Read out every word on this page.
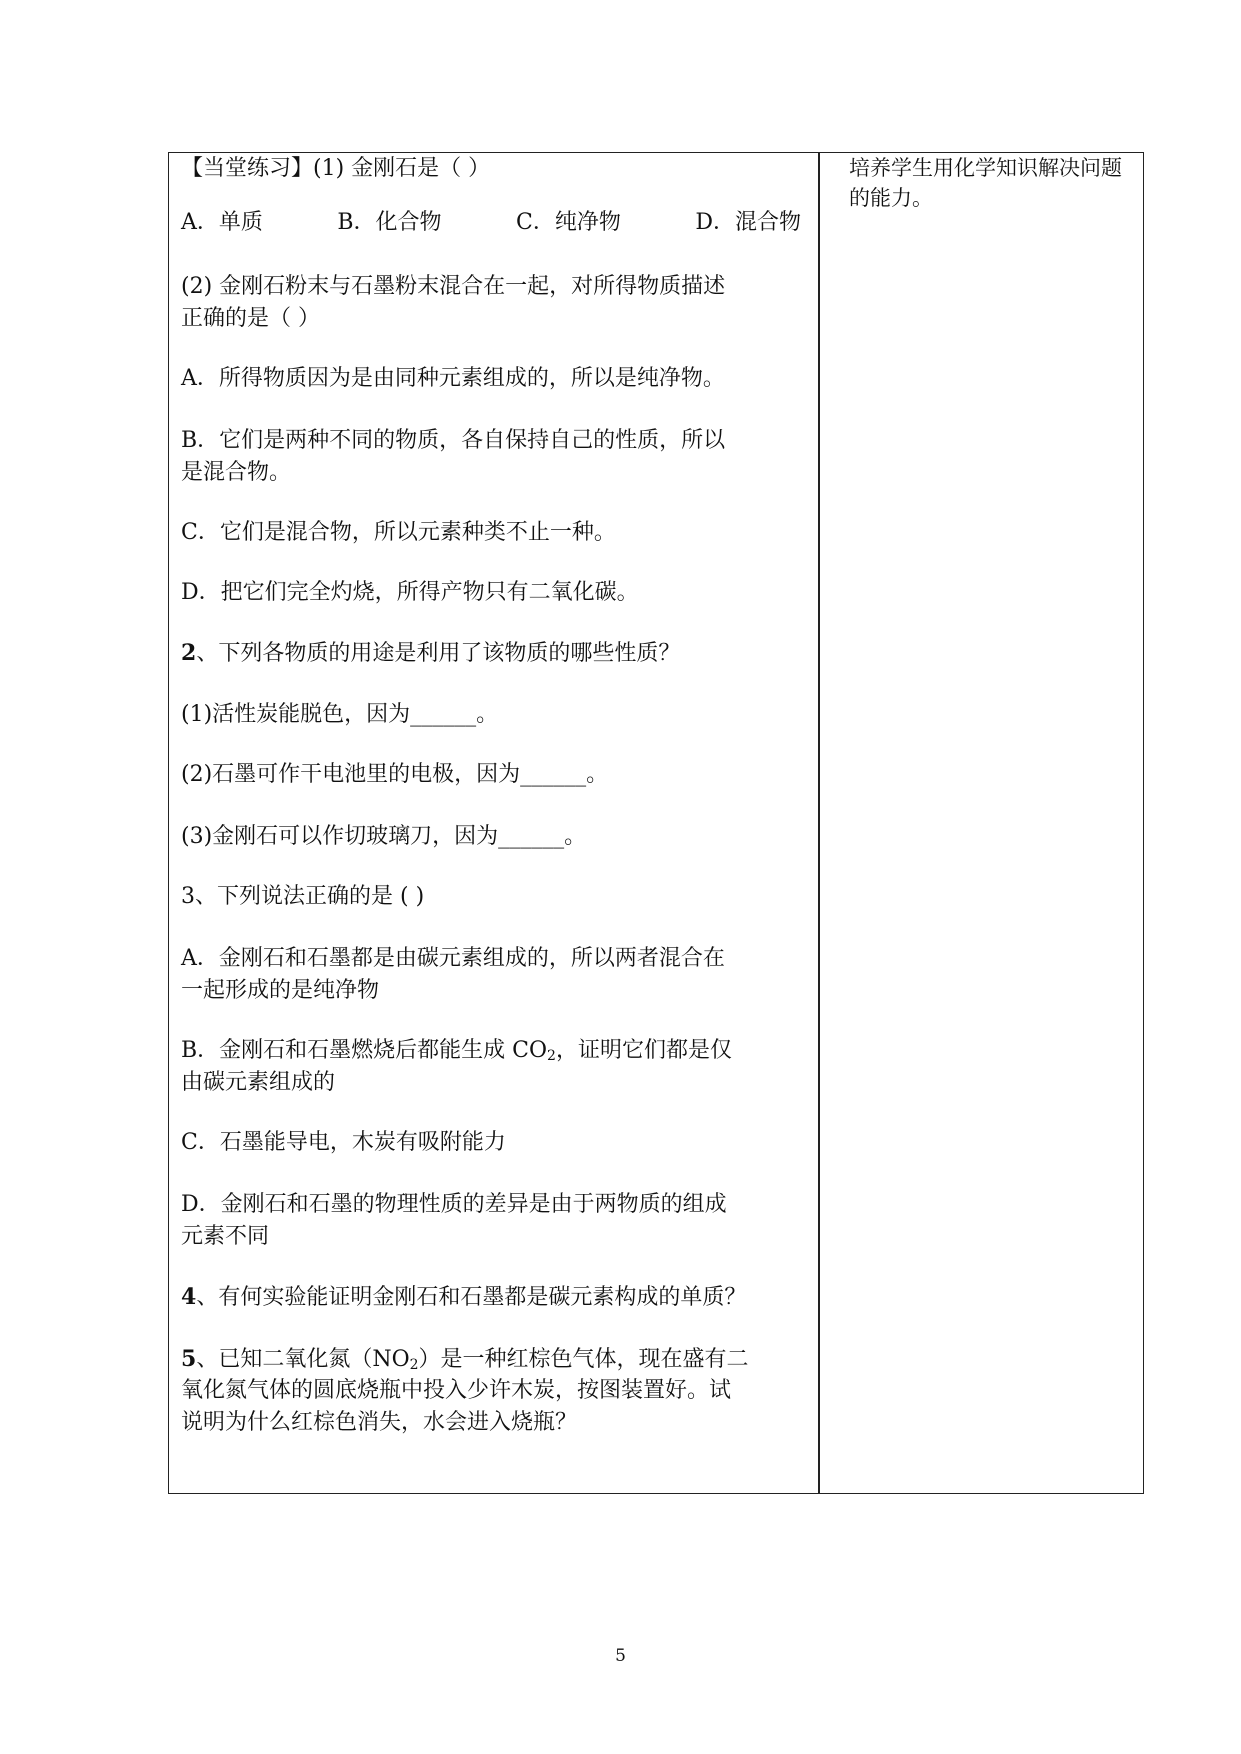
【当堂练习】(1) 金刚石是（ ）
A．单质	B．化合物	C．纯净物	D．混合物
(2) 金刚石粉末与石墨粉末混合在一起，对所得物质描述
正确的是（ ）
A．所得物质因为是由同种元素组成的，所以是纯净物。
B．它们是两种不同的物质，各自保持自己的性质，所以
是混合物。
C．它们是混合物，所以元素种类不止一种。
D．把它们完全灼烧，所得产物只有二氧化碳。
2、下列各物质的用途是利用了该物质的哪些性质？
(1)活性炭能脱色，因为______。
(2)石墨可作干电池里的电极，因为______。
(3)金刚石可以作切玻璃刀，因为______。
3、下列说法正确的是 ( )
A．金刚石和石墨都是由碳元素组成的，所以两者混合在
一起形成的是纯净物
B．金刚石和石墨燃烧后都能生成 $CO_2$，证明它们都是仅
由碳元素组成的
C．石墨能导电，木炭有吸附能力
D．金刚石和石墨的物理性质的差异是由于两物质的组成
元素不同
4、有何实验能证明金刚石和石墨都是碳元素构成的单质？
5、已知二氧化氮$(NO_2)$是一种红棕色气体，现在盛有二
氧化氮气体的圆底烧瓶中投入少许木炭，按图装置好。试
说明为什么红棕色消失，水会进入烧瓶？
培养学生用化学知识解决问题
的能力。
5
